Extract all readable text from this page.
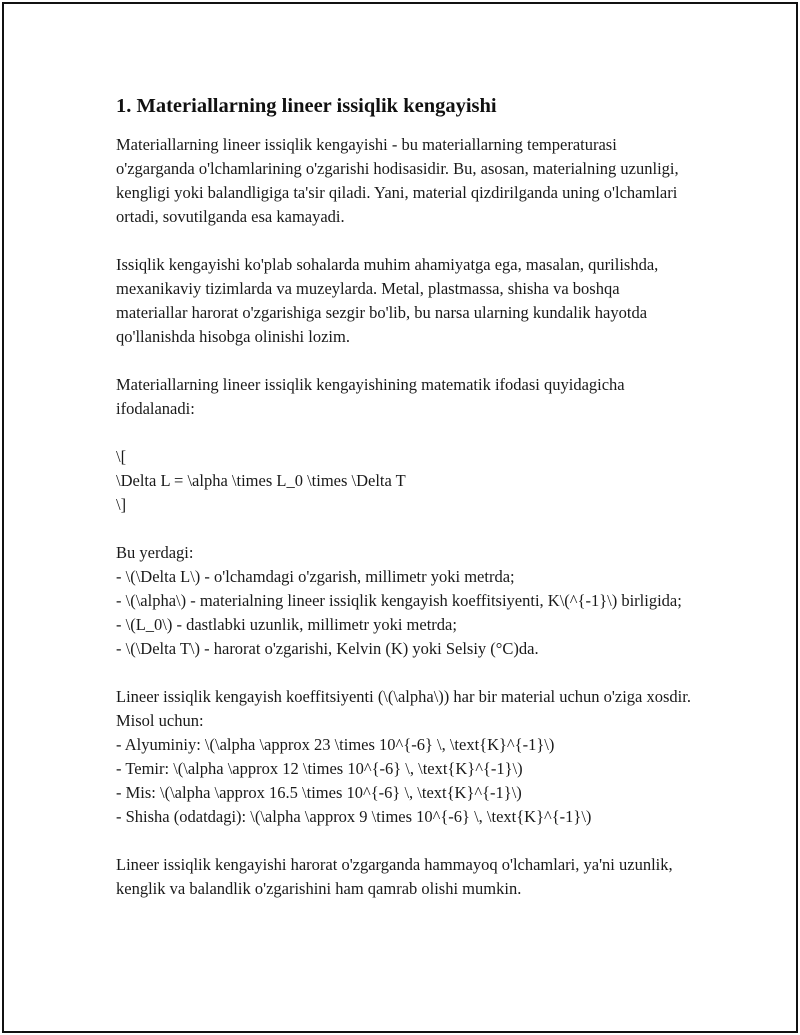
1. Materiallarning lineer issiqlik kengayishi

Materiallarning lineer issiqlik kengayishi - bu materiallarning temperaturasi o'zgarganda o'lchamlarining o'zgarishi hodisasidir. Bu, asosan, materialning uzunligi, kengligi yoki balandligiga ta'sir qiladi. Yani, material qizdirilganda uning o'lchamlari ortadi, sovutilganda esa kamayadi.

Issiqlik kengayishi ko'plab sohalarda muhim ahamiyatga ega, masalan, qurilishda, mexanikaviy tizimlarda va muzeylarda. Metal, plastmassa, shisha va boshqa materiallar harorat o'zgarishiga sezgir bo'lib, bu narsa ularning kundalik hayotda qo'llanishda hisobga olinishi lozim.

Materiallarning lineer issiqlik kengayishining matematik ifodasi quyidagicha ifodalanadi:

\[
\Delta L = \alpha \times L_0 \times \Delta T
\]
Bu yerdagi:
- \(\Delta L\) - o'lchamdagi o'zgarish, millimetr yoki metrda;
- \(\alpha\) - materialning lineer issiqlik kengayish koeffitsiyenti, K\(^{-1}\) birligida;
- \(L_0\) - dastlabki uzunlik, millimetr yoki metrda;
- \(\Delta T\) - harorat o'zgarishi, Kelvin (K) yoki Selsiy (°C)da.
Lineer issiqlik kengayish koeffitsiyenti (\(\alpha\)) har bir material uchun o'ziga xosdir. Misol uchun:
- Alyuminiy: \(\alpha \approx 23 \times 10^{-6} \, \text{K}^{-1}\)
- Temir: \(\alpha \approx 12 \times 10^{-6} \, \text{K}^{-1}\)
- Mis: \(\alpha \approx 16.5 \times 10^{-6} \, \text{K}^{-1}\)
- Shisha (odatdagi): \(\alpha \approx 9 \times 10^{-6} \, \text{K}^{-1}\)

Lineer issiqlik kengayishi harorat o'zgarganda hammayoq o'lchamlari, ya'ni uzunlik, kenglik va balandlik o'zgarishini ham qamrab olishi mumkin.
